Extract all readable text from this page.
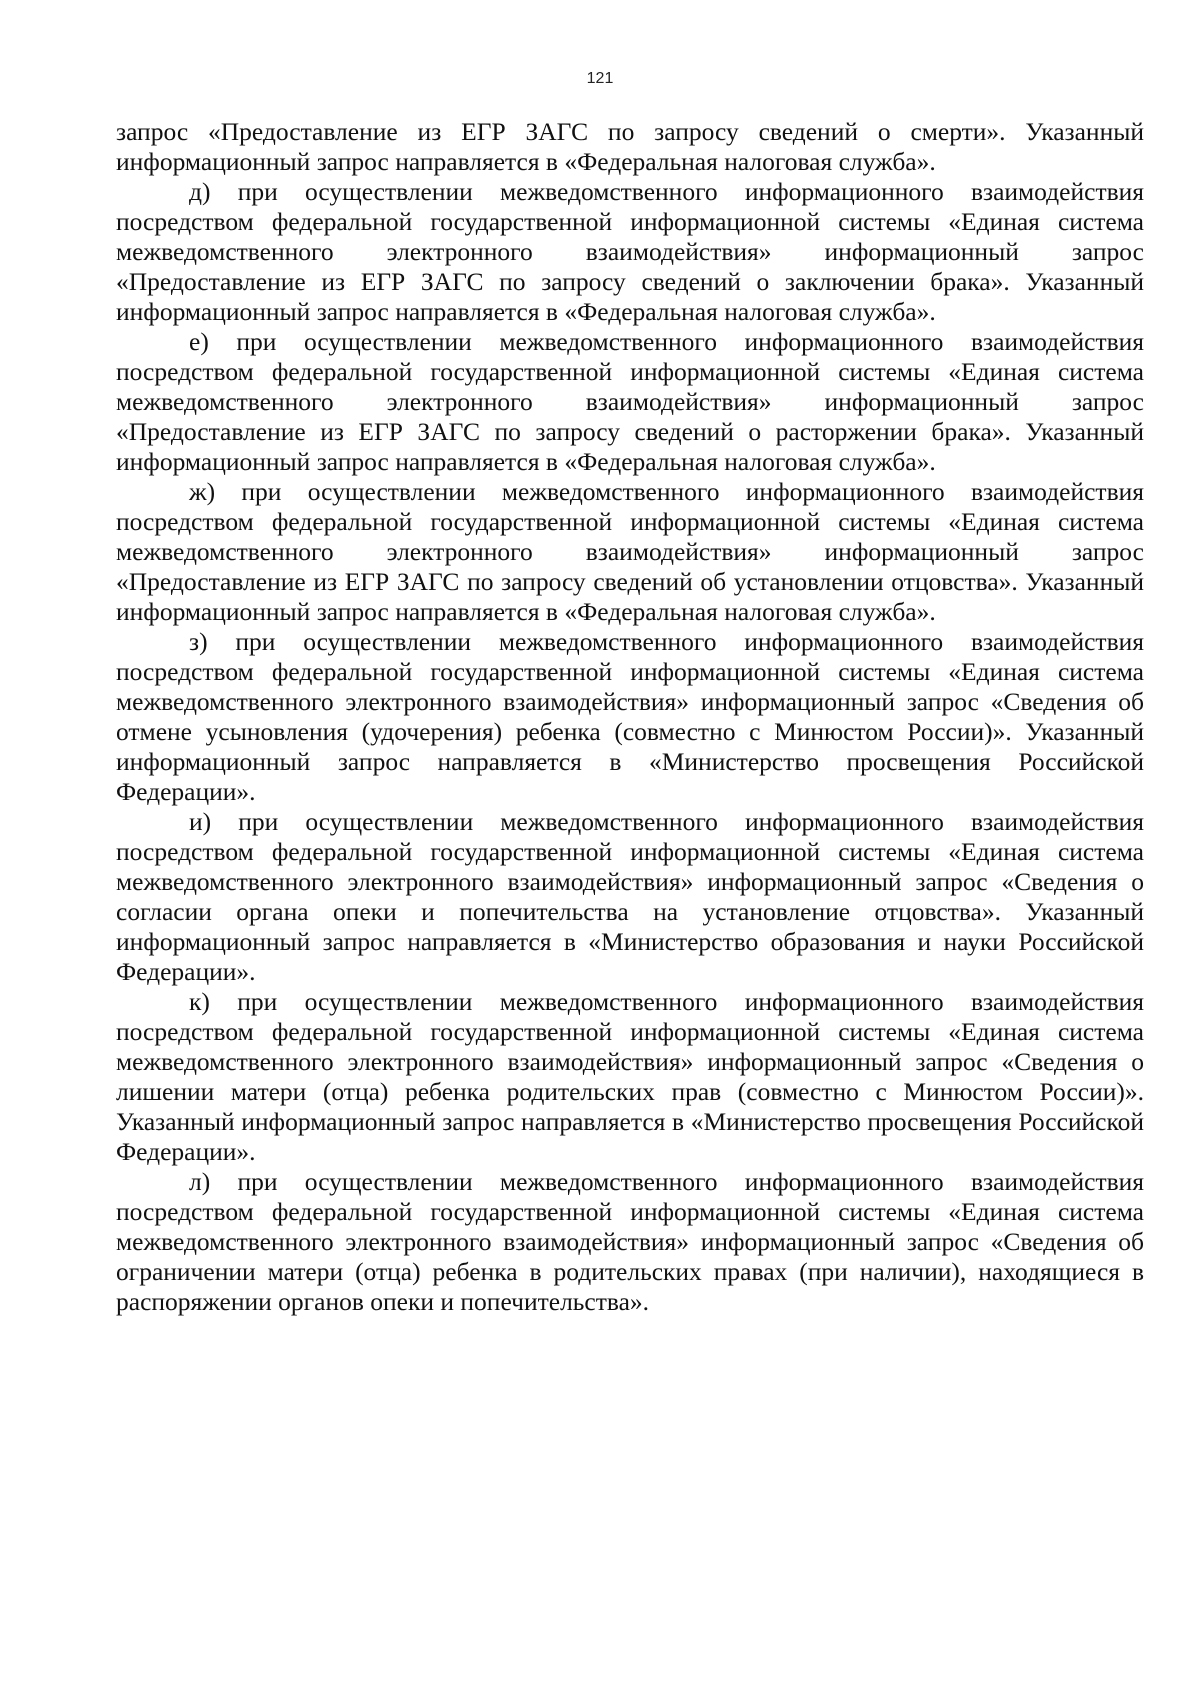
121

запрос «Предоставление из ЕГР ЗАГС по запросу сведений о смерти». Указанный информационный запрос направляется в «Федеральная налоговая служба».

д) при осуществлении межведомственного информационного взаимодействия посредством федеральной государственной информационной системы «Единая система межведомственного электронного взаимодействия» информационный запрос «Предоставление из ЕГР ЗАГС по запросу сведений о заключении брака». Указанный информационный запрос направляется в «Федеральная налоговая служба».

е) при осуществлении межведомственного информационного взаимодействия посредством федеральной государственной информационной системы «Единая система межведомственного электронного взаимодействия» информационный запрос «Предоставление из ЕГР ЗАГС по запросу сведений о расторжении брака». Указанный информационный запрос направляется в «Федеральная налоговая служба».

ж) при осуществлении межведомственного информационного взаимодействия посредством федеральной государственной информационной системы «Единая система межведомственного электронного взаимодействия» информационный запрос «Предоставление из ЕГР ЗАГС по запросу сведений об установлении отцовства». Указанный информационный запрос направляется в «Федеральная налоговая служба».

з) при осуществлении межведомственного информационного взаимодействия посредством федеральной государственной информационной системы «Единая система межведомственного электронного взаимодействия» информационный запрос «Сведения об отмене усыновления (удочерения) ребенка (совместно с Минюстом России)». Указанный информационный запрос направляется в «Министерство просвещения Российской Федерации».

и) при осуществлении межведомственного информационного взаимодействия посредством федеральной государственной информационной системы «Единая система межведомственного электронного взаимодействия» информационный запрос «Сведения о согласии органа опеки и попечительства на установление отцовства». Указанный информационный запрос направляется в «Министерство образования и науки Российской Федерации».

к) при осуществлении межведомственного информационного взаимодействия посредством федеральной государственной информационной системы «Единая система межведомственного электронного взаимодействия» информационный запрос «Сведения о лишении матери (отца) ребенка родительских прав (совместно с Минюстом России)». Указанный информационный запрос направляется в «Министерство просвещения Российской Федерации».

л) при осуществлении межведомственного информационного взаимодействия посредством федеральной государственной информационной системы «Единая система межведомственного электронного взаимодействия» информационный запрос «Сведения об ограничении матери (отца) ребенка в родительских правах (при наличии), находящиеся в распоряжении органов опеки и попечительства».
